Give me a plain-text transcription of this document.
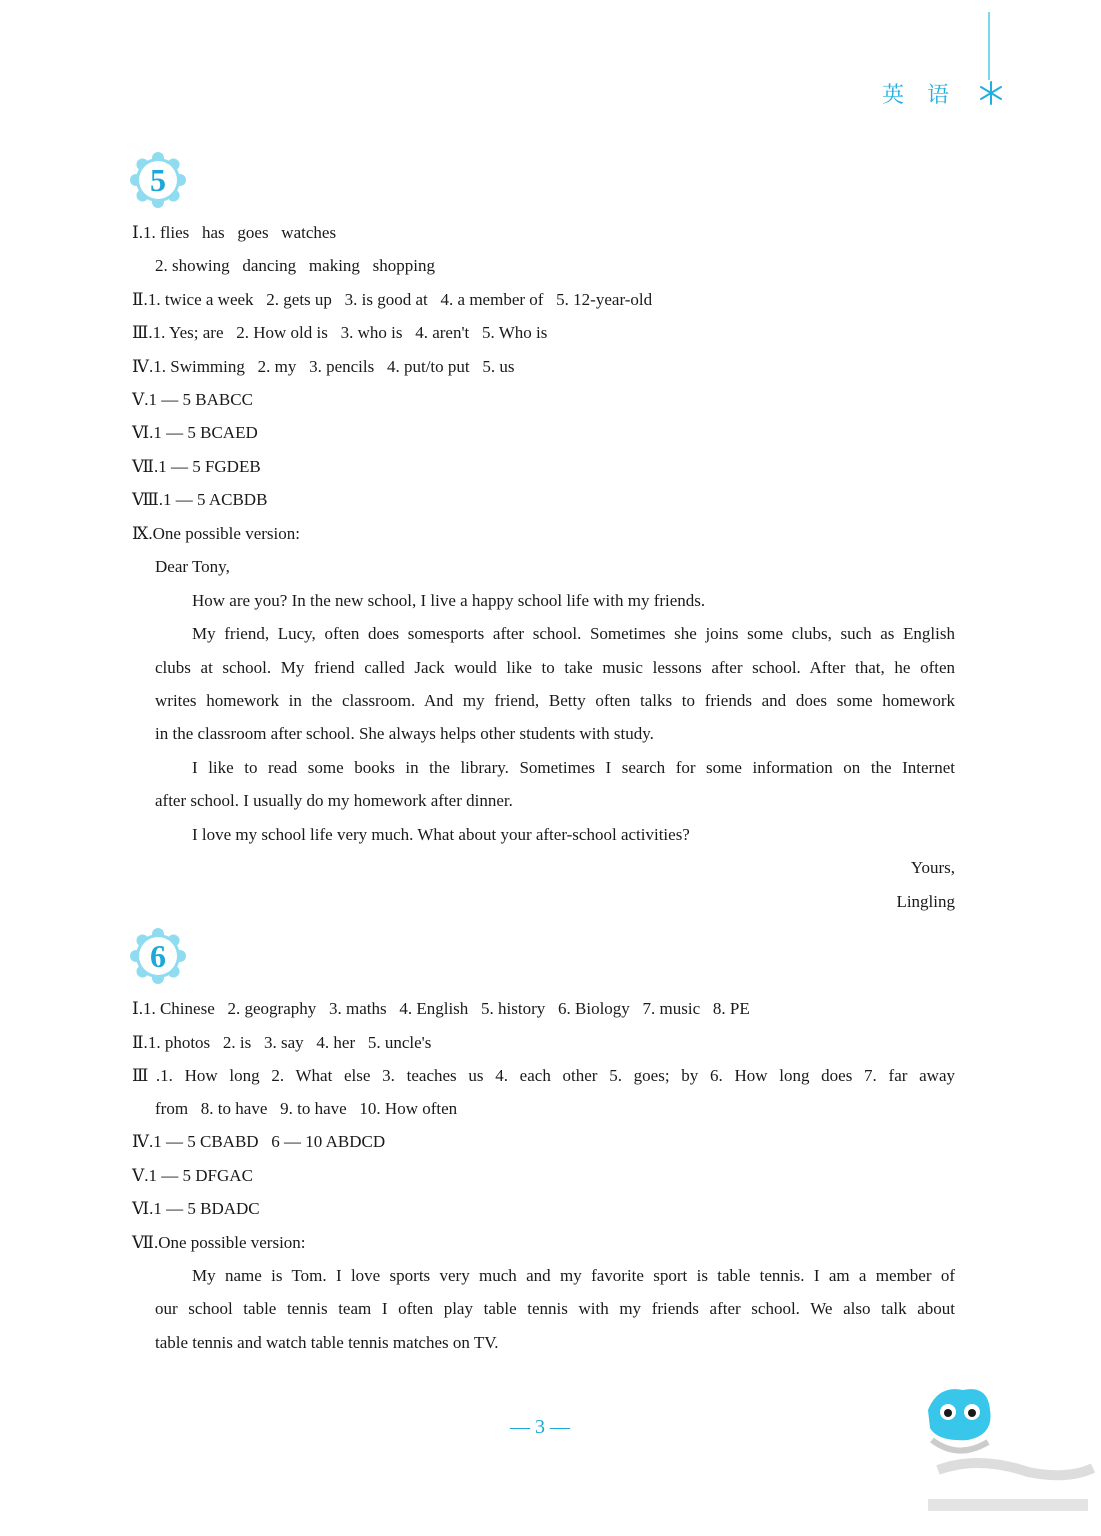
英 语
5
Ⅰ.1. flies   has   goes   watches
2. showing   dancing   making   shopping
Ⅱ.1. twice a week   2. gets up   3. is good at   4. a member of   5. 12-year-old
Ⅲ.1. Yes; are   2. How old is   3. who is   4. aren't   5. Who is
Ⅳ.1. Swimming   2. my   3. pencils   4. put/to put   5. us
Ⅴ.1 — 5 BABCC
Ⅵ.1 — 5 BCAED
Ⅶ.1 — 5 FGDEB
Ⅷ.1 — 5 ACBDB
Ⅸ.One possible version:
Dear Tony,
How are you? In the new school, I live a happy school life with my friends.
My friend, Lucy, often does somesports after school. Sometimes she joins some clubs, such as English
clubs at school. My friend called Jack would like to take music lessons after school. After that, he often
writes homework in the classroom. And my friend, Betty often talks to friends and does some homework
in the classroom after school. She always helps other students with study.
I like to read some books in the library. Sometimes I search for some information on the Internet
after school. I usually do my homework after dinner.
I love my school life very much. What about your after-school activities?
Yours,
Lingling
6
Ⅰ.1. Chinese   2. geography   3. maths   4. English   5. history   6. Biology   7. music   8. PE
Ⅱ.1. photos   2. is   3. say   4. her   5. uncle's
Ⅲ.1. How long 2. What else 3. teaches us 4. each other 5. goes; by 6. How long does 7. far away
from   8. to have   9. to have   10. How often
Ⅳ.1 — 5 CBABD   6 — 10 ABDCD
Ⅴ.1 — 5 DFGAC
Ⅵ.1 — 5 BDADC
Ⅶ.One possible version:
My name is Tom. I love sports very much and my favorite sport is table tennis. I am a member of
our school table tennis team I often play table tennis with my friends after school. We also talk about
table tennis and watch table tennis matches on TV.
— 3 —
